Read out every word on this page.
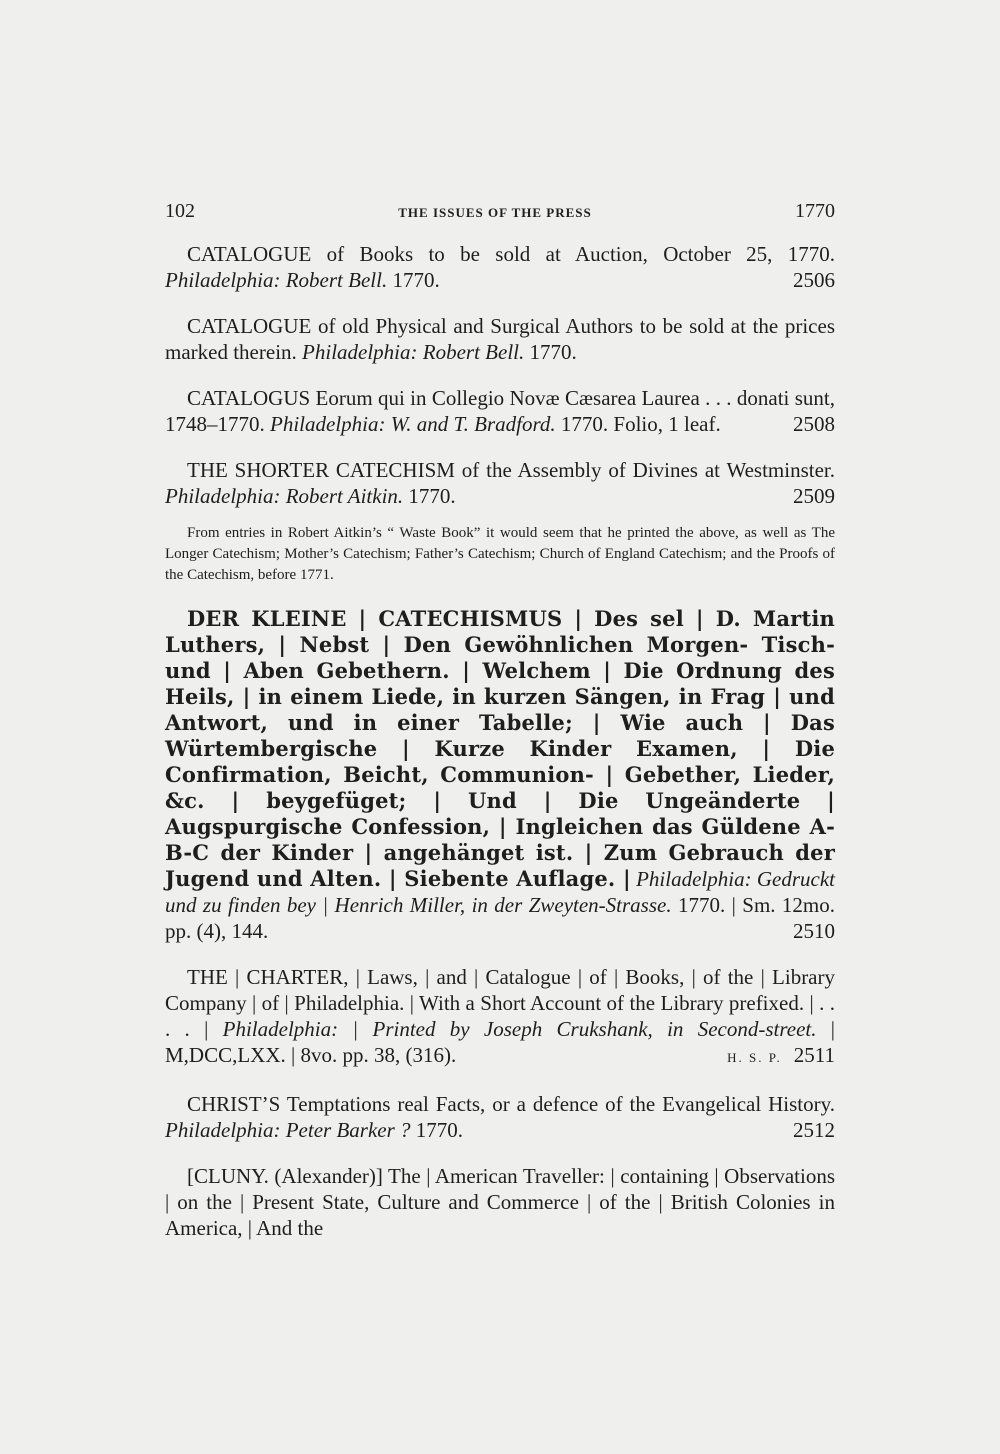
102	THE ISSUES OF THE PRESS	1770

CATALOGUE of Books to be sold at Auction, October 25, 1770. Philadelphia: Robert Bell. 1770.	2506

CATALOGUE of old Physical and Surgical Authors to be sold at the prices marked therein. Philadelphia: Robert Bell. 1770.

CATALOGUS Eorum qui in Collegio Novæ Cæsarea Laurea . . . donati sunt, 1748–1770. Philadelphia: W. and T. Bradford. 1770. Folio, 1 leaf.	2508

THE SHORTER CATECHISM of the Assembly of Divines at Westminster. Philadelphia: Robert Aitkin. 1770.	2509

From entries in Robert Aitkin’s “ Waste Book” it would seem that he printed the above, as well as The Longer Catechism; Mother’s Catechism; Father’s Catechism; Church of England Catechism; and the Proofs of the Catechism, before 1771.

DER KLEINE | CATECHISMUS | Des sel | D. Martin Luthers, | Nebst | Den Gewöhnlichen Morgen- Tisch- und | Aben Gebethern. | Welchem | Die Ordnung des Heils, | in einem Liede, in kurzen Sängen, in Frag | und Antwort, und in einer Tabelle; | Wie auch | Das Würtembergische | Kurze Kinder Examen, | Die Confirmation, Beicht, Communion- | Gebether, Lieder, &c. | beygefüget; | Und | Die Ungeänderte | Augspurgische Confession, | Ingleichen das Güldene A-B-C der Kinder | angehänget ist. | Zum Gebrauch der Jugend und Alten. | Siebente Auflage. | Philadelphia: Gedruckt und zu finden bey | Henrich Miller, in der Zweyten-Strasse. 1770. | Sm. 12mo. pp. (4), 144.	2510

THE | CHARTER, | Laws, | and | Catalogue | of | Books, | of the | Library Company | of | Philadelphia. | With a Short Account of the Library prefixed. | . . . . | Philadelphia: | Printed by Joseph Crukshank, in Second-street. | M,DCC,LXX. | 8vo. pp. 38, (316).	H. S. P. 2511

CHRIST’S Temptations real Facts, or a defence of the Evangelical History. Philadelphia: Peter Barker ? 1770.	2512

[CLUNY. (Alexander)] The | American Traveller: | containing | Observations | on the | Present State, Culture and Commerce | of the | British Colonies in America, | And the
